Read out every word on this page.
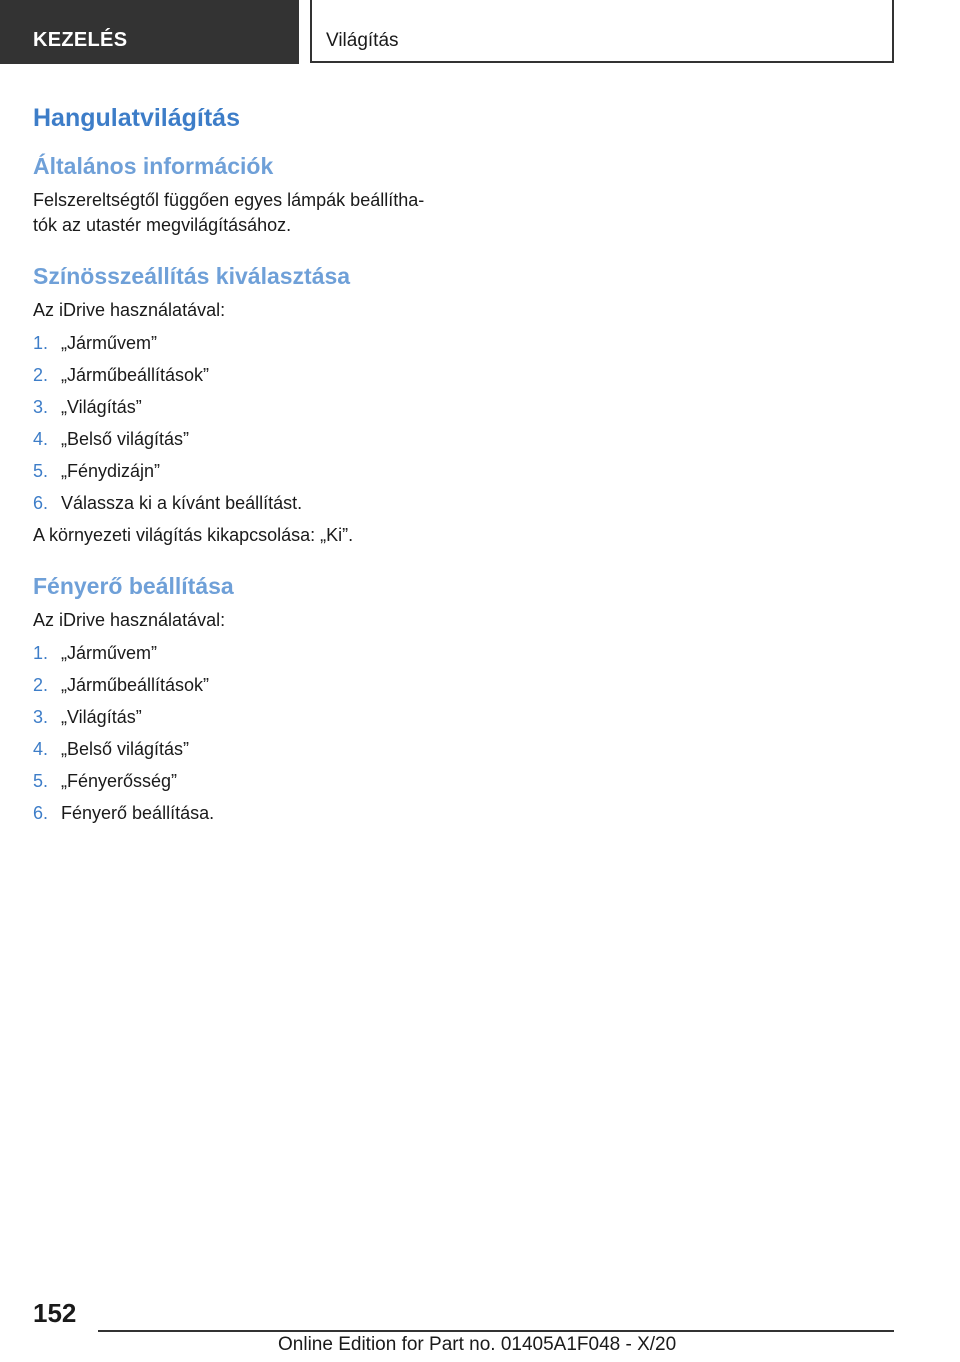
KEZELÉS	Világítás
Hangulatvilágítás
Általános információk

Felszereltségtől függően egyes lámpák beállítha-

tók az utastér megvilágításához.

Színösszeállítás kiválasztása

Az iDrive használatával:

1. „Járművem”
2. „Járműbeállítások”
3. „Világítás”
4. „Belső világítás”
5. „Fénydizájn”
6. Válassza ki a kívánt beállítást.

A környezeti világítás kikapcsolása: „Ki”.

Fényerő beállítása

Az iDrive használatával:

1. „Járművem”
2. „Járműbeállítások”
3. „Világítás”
4. „Belső világítás”
5. „Fényerősség”
6. Fényerő beállítása.
152
Online Edition for Part no. 01405A1F048 - X/20
